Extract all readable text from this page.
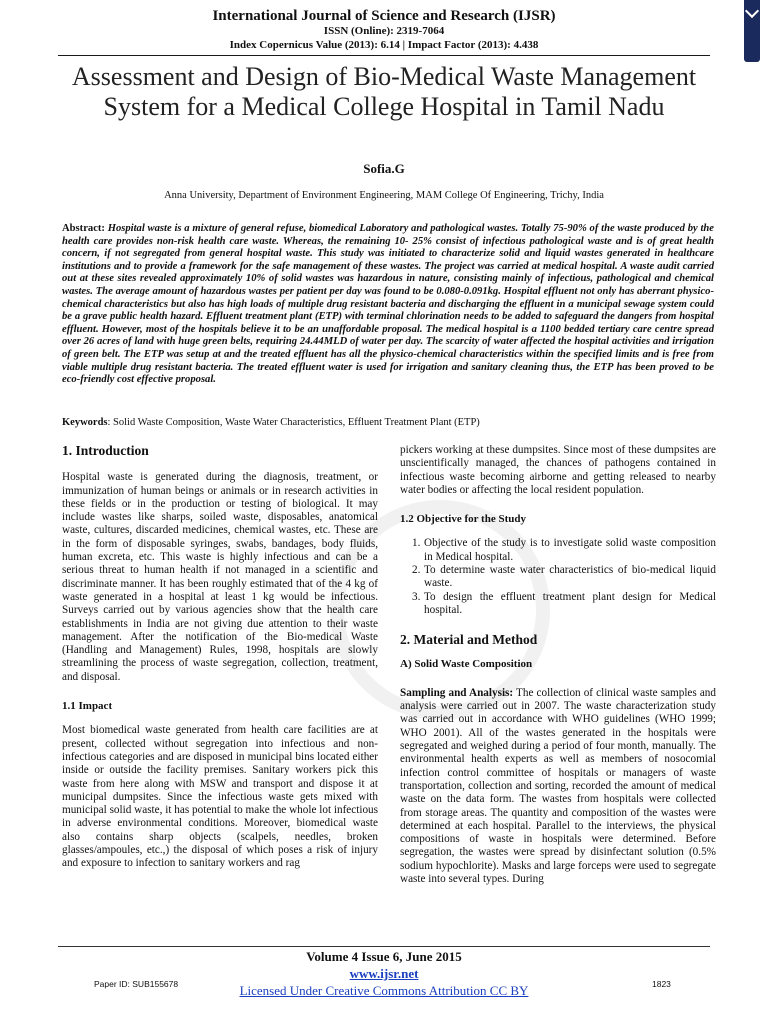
International Journal of Science and Research (IJSR)
ISSN (Online): 2319-7064
Index Copernicus Value (2013): 6.14 | Impact Factor (2013): 4.438
Assessment and Design of Bio-Medical Waste Management System for a Medical College Hospital in Tamil Nadu
Sofia.G
Anna University, Department of Environment Engineering, MAM College Of Engineering, Trichy, India
Abstract: Hospital waste is a mixture of general refuse, biomedical Laboratory and pathological wastes. Totally 75-90% of the waste produced by the health care provides non-risk health care waste. Whereas, the remaining 10- 25% consist of infectious pathological waste and is of great health concern, if not segregated from general hospital waste. This study was initiated to characterize solid and liquid wastes generated in healthcare institutions and to provide a framework for the safe management of these wastes. The project was carried at medical hospital. A waste audit carried out at these sites revealed approximately 10% of solid wastes was hazardous in nature, consisting mainly of infectious, pathological and chemical wastes. The average amount of hazardous wastes per patient per day was found to be 0.080-0.091kg. Hospital effluent not only has aberrant physico-chemical characteristics but also has high loads of multiple drug resistant bacteria and discharging the effluent in a municipal sewage system could be a grave public health hazard. Effluent treatment plant (ETP) with terminal chlorination needs to be added to safeguard the dangers from hospital effluent. However, most of the hospitals believe it to be an unaffordable proposal. The medical hospital is a 1100 bedded tertiary care centre spread over 26 acres of land with huge green belts, requiring 24.44MLD of water per day. The scarcity of water affected the hospital activities and irrigation of green belt. The ETP was setup at and the treated effluent has all the physico-chemical characteristics within the specified limits and is free from viable multiple drug resistant bacteria. The treated effluent water is used for irrigation and sanitary cleaning thus, the ETP has been proved to be eco-friendly cost effective proposal.
Keywords: Solid Waste Composition, Waste Water Characteristics, Effluent Treatment Plant (ETP)
1. Introduction

Hospital waste is generated during the diagnosis, treatment, or immunization of human beings or animals or in research activities in these fields or in the production or testing of biological. It may include wastes like sharps, soiled waste, disposables, anatomical waste, cultures, discarded medicines, chemical wastes, etc. These are in the form of disposable syringes, swabs, bandages, body fluids, human excreta, etc. This waste is highly infectious and can be a serious threat to human health if not managed in a scientific and discriminate manner. It has been roughly estimated that of the 4 kg of waste generated in a hospital at least 1 kg would be infectious. Surveys carried out by various agencies show that the health care establishments in India are not giving due attention to their waste management. After the notification of the Bio-medical Waste (Handling and Management) Rules, 1998, hospitals are slowly streamlining the process of waste segregation, collection, treatment, and disposal.

1.1 Impact

Most biomedical waste generated from health care facilities are at present, collected without segregation into infectious and non-infectious categories and are disposed in municipal bins located either inside or outside the facility premises. Sanitary workers pick this waste from here along with MSW and transport and dispose it at municipal dumpsites. Since the infectious waste gets mixed with municipal solid waste, it has potential to make the whole lot infectious in adverse environmental conditions. Moreover, biomedical waste also contains sharp objects (scalpels, needles, broken glasses/ampoules, etc.,) the disposal of which poses a risk of injury and exposure to infection to sanitary workers and rag

pickers working at these dumpsites. Since most of these dumpsites are unscientifically managed, the chances of pathogens contained in infectious waste becoming airborne and getting released to nearby water bodies or affecting the local resident population.

1.2 Objective for the Study
1. Objective of the study is to investigate solid waste composition in Medical hospital.
2. To determine waste water characteristics of bio-medical liquid waste.
3. To design the effluent treatment plant design for Medical hospital.
2. Material and Method
A) Solid Waste Composition

Sampling and Analysis: The collection of clinical waste samples and analysis were carried out in 2007. The waste characterization study was carried out in accordance with WHO guidelines (WHO 1999; WHO 2001). All of the wastes generated in the hospitals were segregated and weighed during a period of four month, manually. The environmental health experts as well as members of nosocomial infection control committee of hospitals or managers of waste transportation, collection and sorting, recorded the amount of medical waste on the data form. The wastes from hospitals were collected from storage areas. The quantity and composition of the wastes were determined at each hospital. Parallel to the interviews, the physical compositions of waste in hospitals were determined. Before segregation, the wastes were spread by disinfectant solution (0.5% sodium hypochlorite). Masks and large forceps were used to segregate waste into several types. During

Volume 4 Issue 6, June 2015
www.ijsr.net
Licensed Under Creative Commons Attribution CC BY
Paper ID: SUB155678	1823
